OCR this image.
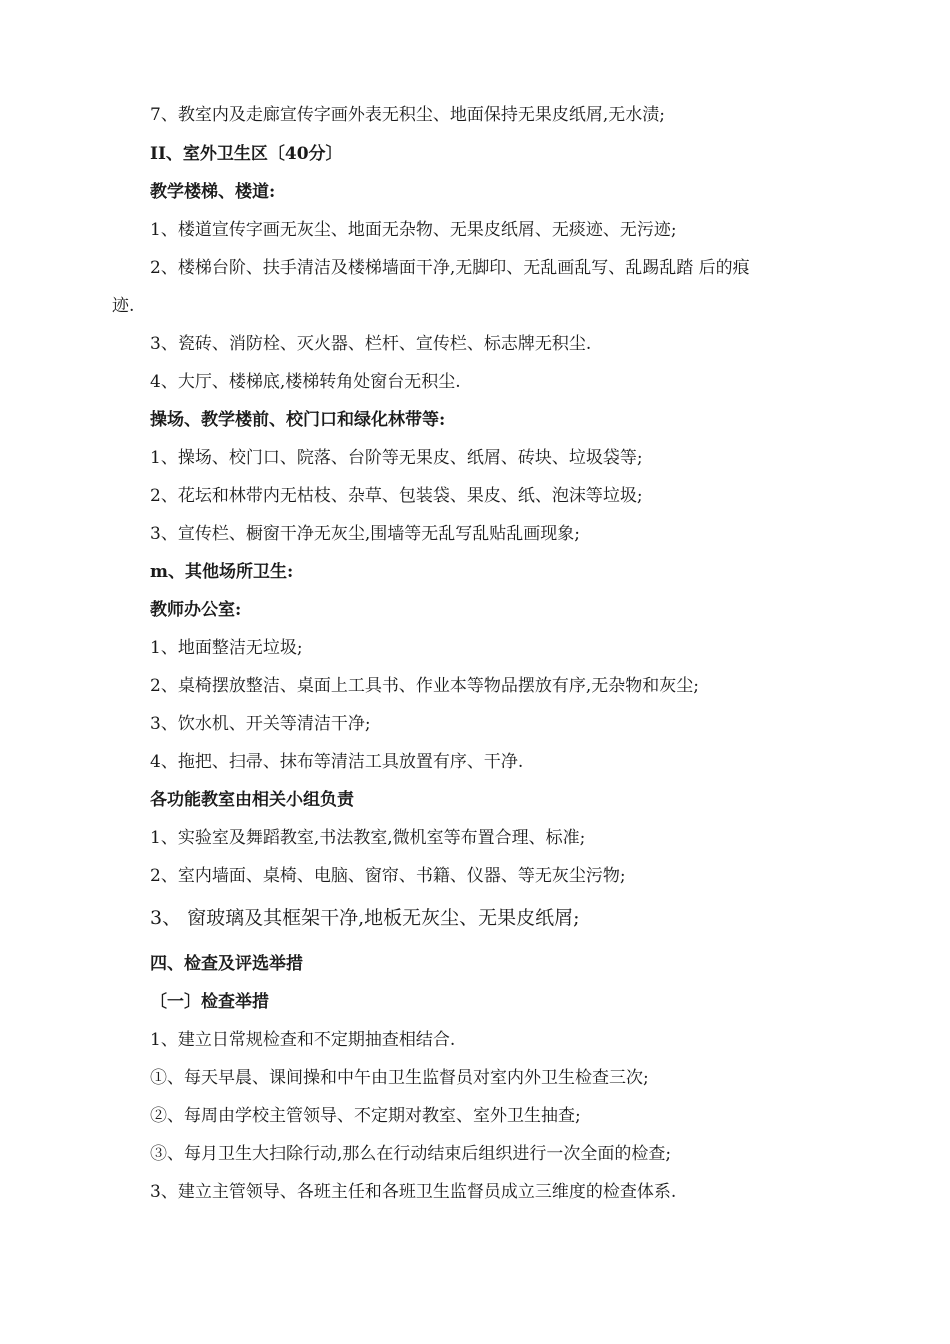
7、教室内及走廊宣传字画外表无积尘、地面保持无果皮纸屑,无水渍;

II、室外卫生区〔40分〕

教学楼梯、楼道:

1、楼道宣传字画无灰尘、地面无杂物、无果皮纸屑、无痰迹、无污迹;

2、楼梯台阶、扶手清洁及楼梯墙面干净,无脚印、无乱画乱写、乱踢乱踏 后的痕

迹.

3、瓷砖、消防栓、灭火器、栏杆、宣传栏、标志牌无积尘.

4、大厅、楼梯底,楼梯转角处窗台无积尘.

操场、教学楼前、校门口和绿化林带等:

1、操场、校门口、院落、台阶等无果皮、纸屑、砖块、垃圾袋等;

2、花坛和林带内无枯枝、杂草、包装袋、果皮、纸、泡沫等垃圾;

3、宣传栏、橱窗干净无灰尘,围墙等无乱写乱贴乱画现象;

m、其他场所卫生:

教师办公室:

1、地面整洁无垃圾;

2、桌椅摆放整洁、桌面上工具书、作业本等物品摆放有序,无杂物和灰尘;

3、饮水机、开关等清洁干净;

4、拖把、扫帚、抹布等清洁工具放置有序、干净.

各功能教室由相关小组负责

1、实验室及舞蹈教室,书法教室,微机室等布置合理、标准;

2、室内墙面、桌椅、电脑、窗帘、书籍、仪器、等无灰尘污物;

3、 窗玻璃及其框架干净,地板无灰尘、无果皮纸屑;

四、检查及评选举措

〔一〕检查举措

1、建立日常规检查和不定期抽查相结合.

①、每天早晨、课间操和中午由卫生监督员对室内外卫生检查三次;

②、每周由学校主管领导、不定期对教室、室外卫生抽查;

③、每月卫生大扫除行动,那么在行动结束后组织进行一次全面的检查;

3、建立主管领导、各班主任和各班卫生监督员成立三维度的检查体系.
